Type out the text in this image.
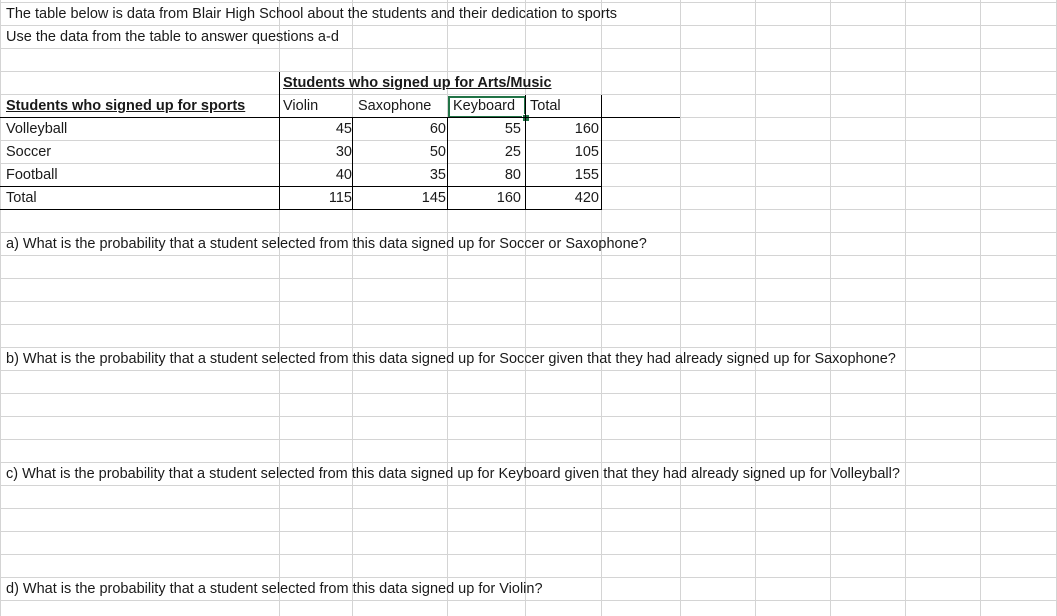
The table below is data from Blair High School about the students and their dedication to sports
Use the data from the table to answer questions a-d
Students who signed up for Arts/Music
Students who signed up for sports	Violin	Saxophone Keyboard Total
Volleyball	45	60	55	160
Soccer	30	50	25	105
Football	40	35	80	155
Total	115	145	160	420
a) What is the probability that a student selected from this data signed up for Soccer or Saxophone?
b) What is the probability that a student selected from this data signed up for Soccer given that they had already signed up for Saxophone?
c) What is the probability that a student selected from this data signed up for Keyboard given that they had already signed up for Volleyball?
d) What is the probability that a student selected from this data signed up for Violin?
